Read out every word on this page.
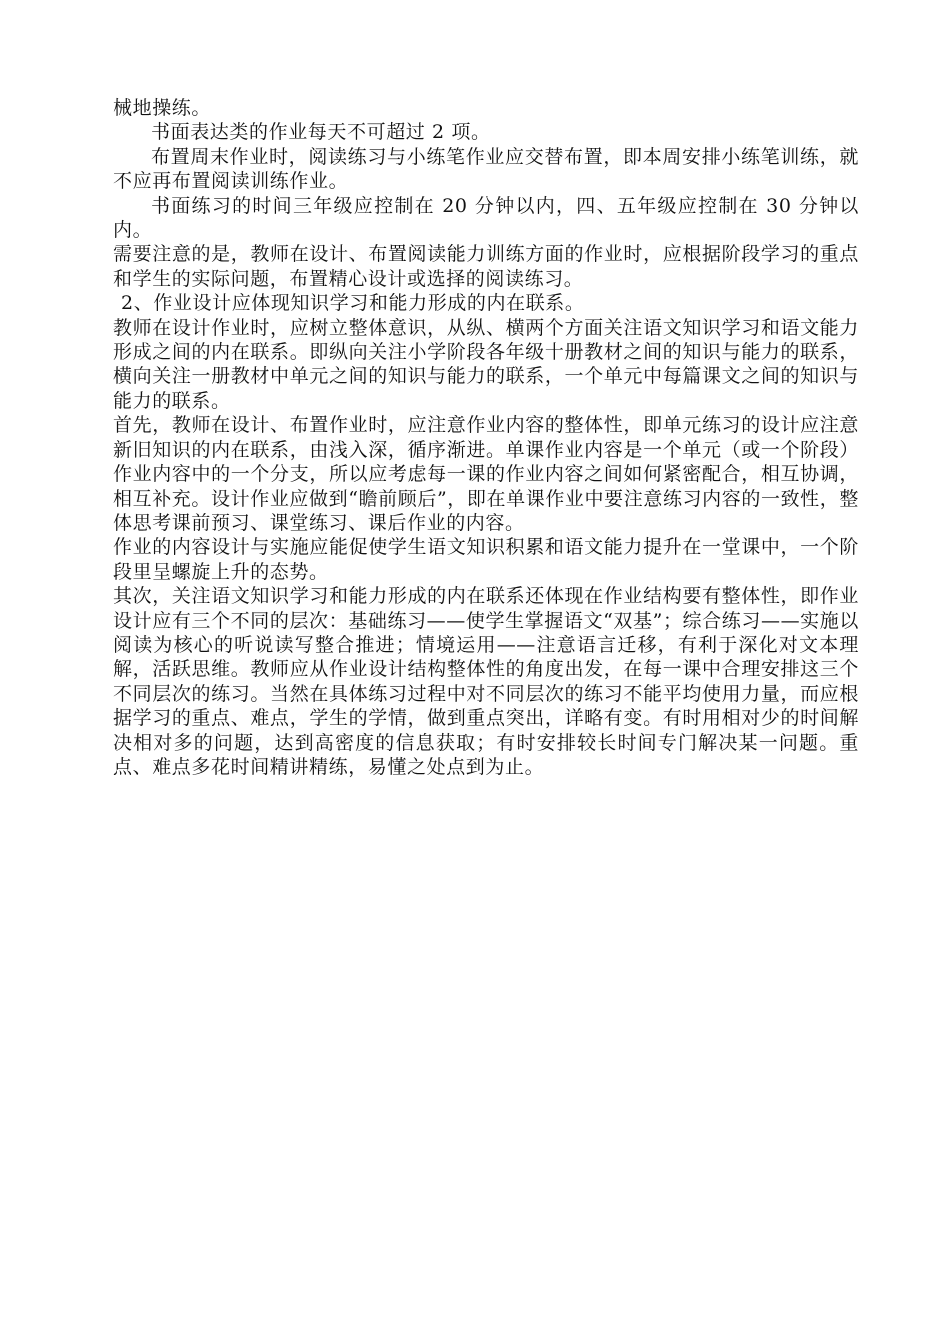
械地操练。

书面表达类的作业每天不可超过 2 项。

布置周末作业时，阅读练习与小练笔作业应交替布置，即本周安排小练笔训练，就不应再布置阅读训练作业。

书面练习的时间三年级应控制在 20 分钟以内，四、五年级应控制在 30 分钟以内。

需要注意的是，教师在设计、布置阅读能力训练方面的作业时，应根据阶段学习的重点和学生的实际问题，布置精心设计或选择的阅读练习。

2、作业设计应体现知识学习和能力形成的内在联系。

教师在设计作业时，应树立整体意识，从纵、横两个方面关注语文知识学习和语文能力形成之间的内在联系。即纵向关注小学阶段各年级十册教材之间的知识与能力的联系，横向关注一册教材中单元之间的知识与能力的联系，一个单元中每篇课文之间的知识与能力的联系。

首先，教师在设计、布置作业时，应注意作业内容的整体性，即单元练习的设计应注意新旧知识的内在联系，由浅入深，循序渐进。单课作业内容是一个单元（或一个阶段）作业内容中的一个分支，所以应考虑每一课的作业内容之间如何紧密配合，相互协调，相互补充。设计作业应做到“瞻前顾后”，即在单课作业中要注意练习内容的一致性，整体思考课前预习、课堂练习、课后作业的内容。

作业的内容设计与实施应能促使学生语文知识积累和语文能力提升在一堂课中，一个阶段里呈螺旋上升的态势。

其次，关注语文知识学习和能力形成的内在联系还体现在作业结构要有整体性，即作业设计应有三个不同的层次：基础练习——使学生掌握语文“双基”；综合练习——实施以阅读为核心的听说读写整合推进；情境运用——注意语言迁移，有利于深化对文本理解，活跃思维。教师应从作业设计结构整体性的角度出发，在每一课中合理安排这三个不同层次的练习。当然在具体练习过程中对不同层次的练习不能平均使用力量，而应根据学习的重点、难点，学生的学情，做到重点突出，详略有变。有时用相对少的时间解决相对多的问题，达到高密度的信息获取；有时安排较长时间专门解决某一问题。重点、难点多花时间精讲精练，易懂之处点到为止。
